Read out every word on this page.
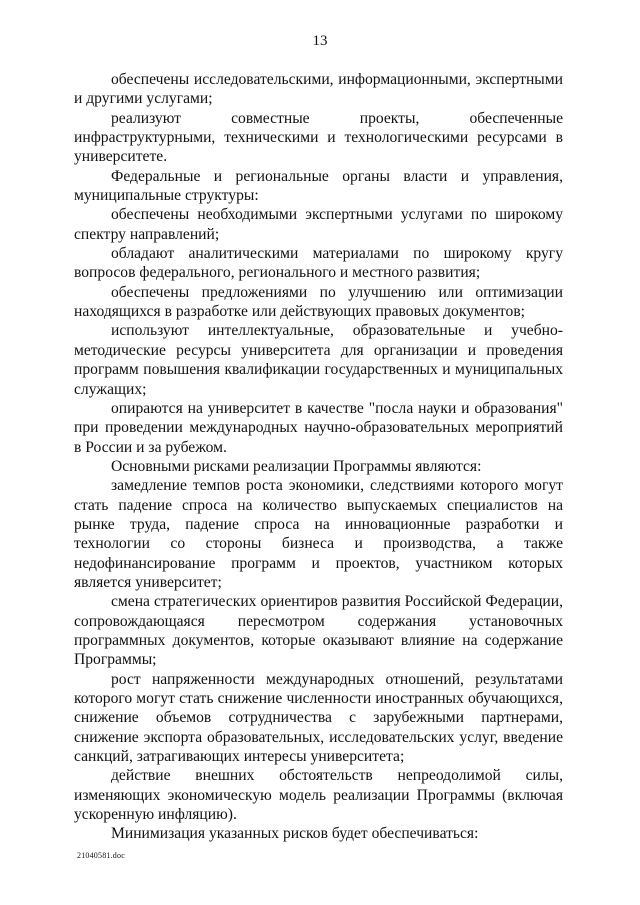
13

обеспечены исследовательскими, информационными, экспертными и другими услугами;

реализуют совместные проекты, обеспеченные инфраструктурными, техническими и технологическими ресурсами в университете.

Федеральные и региональные органы власти и управления, муниципальные структуры:

обеспечены необходимыми экспертными услугами по широкому спектру направлений;

обладают аналитическими материалами по широкому кругу вопросов федерального, регионального и местного развития;

обеспечены предложениями по улучшению или оптимизации находящихся в разработке или действующих правовых документов;

используют интеллектуальные, образовательные и учебно-методические ресурсы университета для организации и проведения программ повышения квалификации государственных и муниципальных служащих;

опираются на университет в качестве "посла науки и образования" при проведении международных научно-образовательных мероприятий в России и за рубежом.

Основными рисками реализации Программы являются:

замедление темпов роста экономики, следствиями которого могут стать падение спроса на количество выпускаемых специалистов на рынке труда, падение спроса на инновационные разработки и технологии со стороны бизнеса и производства, а также недофинансирование программ и проектов, участником которых является университет;

смена стратегических ориентиров развития Российской Федерации, сопровождающаяся пересмотром содержания установочных программных документов, которые оказывают влияние на содержание Программы;

рост напряженности международных отношений, результатами которого могут стать снижение численности иностранных обучающихся, снижение объемов сотрудничества с зарубежными партнерами, снижение экспорта образовательных, исследовательских услуг, введение санкций, затрагивающих интересы университета;

действие внешних обстоятельств непреодолимой силы, изменяющих экономическую модель реализации Программы (включая ускоренную инфляцию).

Минимизация указанных рисков будет обеспечиваться:

21040581.doc
